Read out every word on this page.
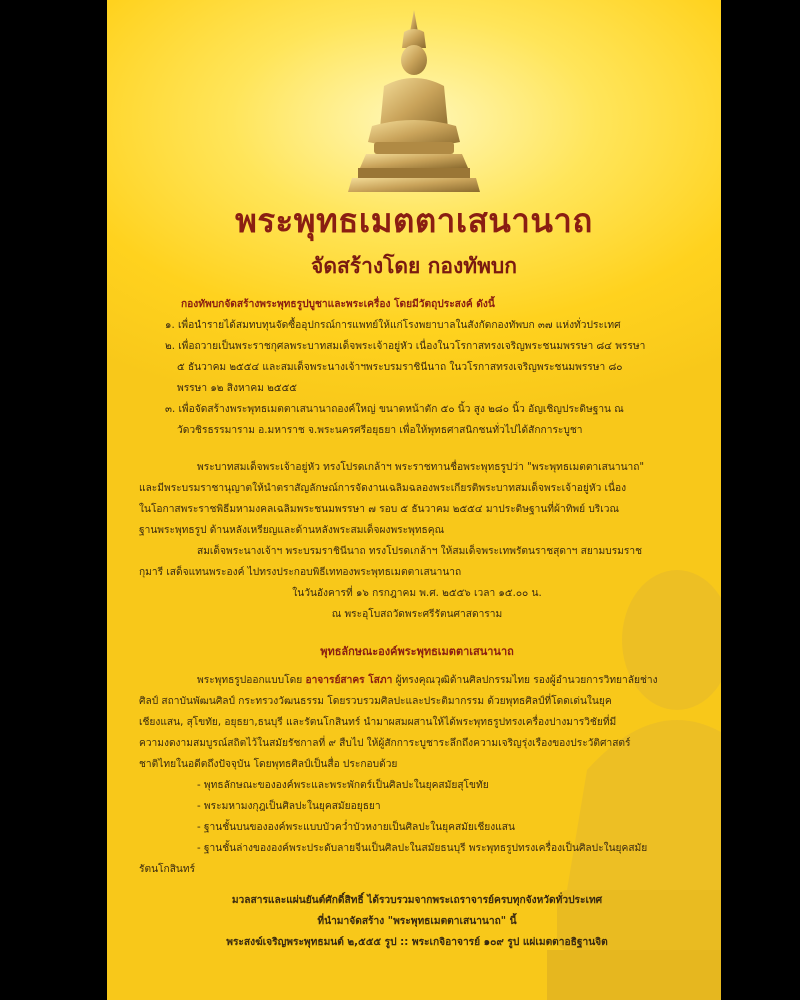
พระพุทธเมตตาเสนานาถ
จัดสร้างโดย กองทัพบก
กองทัพบกจัดสร้างพระพุทธรูปบูชาและพระเครื่อง โดยมีวัตถุประสงค์ ดังนี้
๑. เพื่อนำรายได้สมทบทุนจัดซื้ออุปกรณ์การแพทย์ให้แก่โรงพยาบาลในสังกัดกองทัพบก ๓๗ แห่งทั่วประเทศ
๒. เพื่อถวายเป็นพระราชกุศลพระบาทสมเด็จพระเจ้าอยู่หัว เนื่องในวโรกาสทรงเจริญพระชนมพรรษา ๘๔ พรรษา
๕ ธันวาคม ๒๕๕๔ และสมเด็จพระนางเจ้าฯพระบรมราชินีนาถ ในวโรกาสทรงเจริญพระชนมพรรษา ๘๐
พรรษา ๑๒ สิงหาคม ๒๕๕๕
๓. เพื่อจัดสร้างพระพุทธเมตตาเสนานาถองค์ใหญ่ ขนาดหน้าตัก ๕๐ นิ้ว สูง ๒๘๐ นิ้ว อัญเชิญประดิษฐาน ณ
วัดวชิรธรรมาราม อ.มหาราช จ.พระนครศรีอยุธยา เพื่อให้พุทธศาสนิกชนทั่วไปได้สักการะบูชา
พระบาทสมเด็จพระเจ้าอยู่หัว ทรงโปรดเกล้าฯ พระราชทานชื่อพระพุทธรูปว่า "พระพุทธเมตตาเสนานาถ"
และมีพระบรมราชานุญาตให้นำตราสัญลักษณ์การจัดงานเฉลิมฉลองพระเกียรติพระบาทสมเด็จพระเจ้าอยู่หัว เนื่อง
ในโอกาสพระราชพิธีมหามงคลเฉลิมพระชนมพรรษา ๗ รอบ ๕ ธันวาคม ๒๕๕๔ มาประดิษฐานที่ผ้าทิพย์ บริเวณ
ฐานพระพุทธรูป ด้านหลังเหรียญและด้านหลังพระสมเด็จผงพระพุทธคุณ
สมเด็จพระนางเจ้าฯ พระบรมราชินีนาถ ทรงโปรดเกล้าฯ ให้สมเด็จพระเทพรัตนราชสุดาฯ สยามบรมราช
กุมารี เสด็จแทนพระองค์ ไปทรงประกอบพิธีเททองพระพุทธเมตตาเสนานาถ
ในวันอังคารที่ ๑๖ กรกฎาคม พ.ศ. ๒๕๕๖ เวลา ๑๕.๐๐ น.
ณ พระอุโบสถวัดพระศรีรัตนศาสดาราม
พุทธลักษณะองค์พระพุทธเมตตาเสนานาถ
พระพุทธรูปออกแบบโดย อาจารย์สาคร โสภา ผู้ทรงคุณวุฒิด้านศิลปกรรมไทย รองผู้อำนวยการวิทยาลัยช่าง
ศิลป์ สถาบันพัฒนศิลป์ กระทรวงวัฒนธรรม โดยรวบรวมศิลปะและประติมากรรม ด้วยพุทธศิลป์ที่โดดเด่นในยุค
เชียงแสน, สุโขทัย, อยุธยา,ธนบุรี และรัตนโกสินทร์ นำมาผสมผสานให้ได้พระพุทธรูปทรงเครื่องปางมารวิชัยที่มี
ความงดงามสมบูรณ์สถิตไว้ในสมัยรัชกาลที่ ๙ สืบไป ให้ผู้สักการะบูชาระลึกถึงความเจริญรุ่งเรืองของประวัติศาสตร์
ชาติไทยในอดีตถึงปัจจุบัน โดยพุทธศิลป์เป็นสื่อ ประกอบด้วย
- พุทธลักษณะขององค์พระและพระพักตร์เป็นศิลปะในยุคสมัยสุโขทัย
- พระมหามงกุฎเป็นศิลปะในยุคสมัยอยุธยา
- ฐานชั้นบนขององค์พระแบบบัวคว่ำบัวหงายเป็นศิลปะในยุคสมัยเชียงแสน
- ฐานชั้นล่างขององค์พระประดับลายจีนเป็นศิลปะในสมัยธนบุรี พระพุทธรูปทรงเครื่องเป็นศิลปะในยุคสมัย
รัตนโกสินทร์
มวลสารและแผ่นยันต์ศักดิ์สิทธิ์ ได้รวบรวมจากพระเถราจารย์ครบทุกจังหวัดทั่วประเทศ
ที่นำมาจัดสร้าง "พระพุทธเมตตาเสนานาถ" นี้
พระสงฆ์เจริญพระพุทธมนต์ ๒,๕๕๕ รูป :: พระเกจิอาจารย์ ๑๐๙ รูป แผ่เมตตาอธิฐานจิต
